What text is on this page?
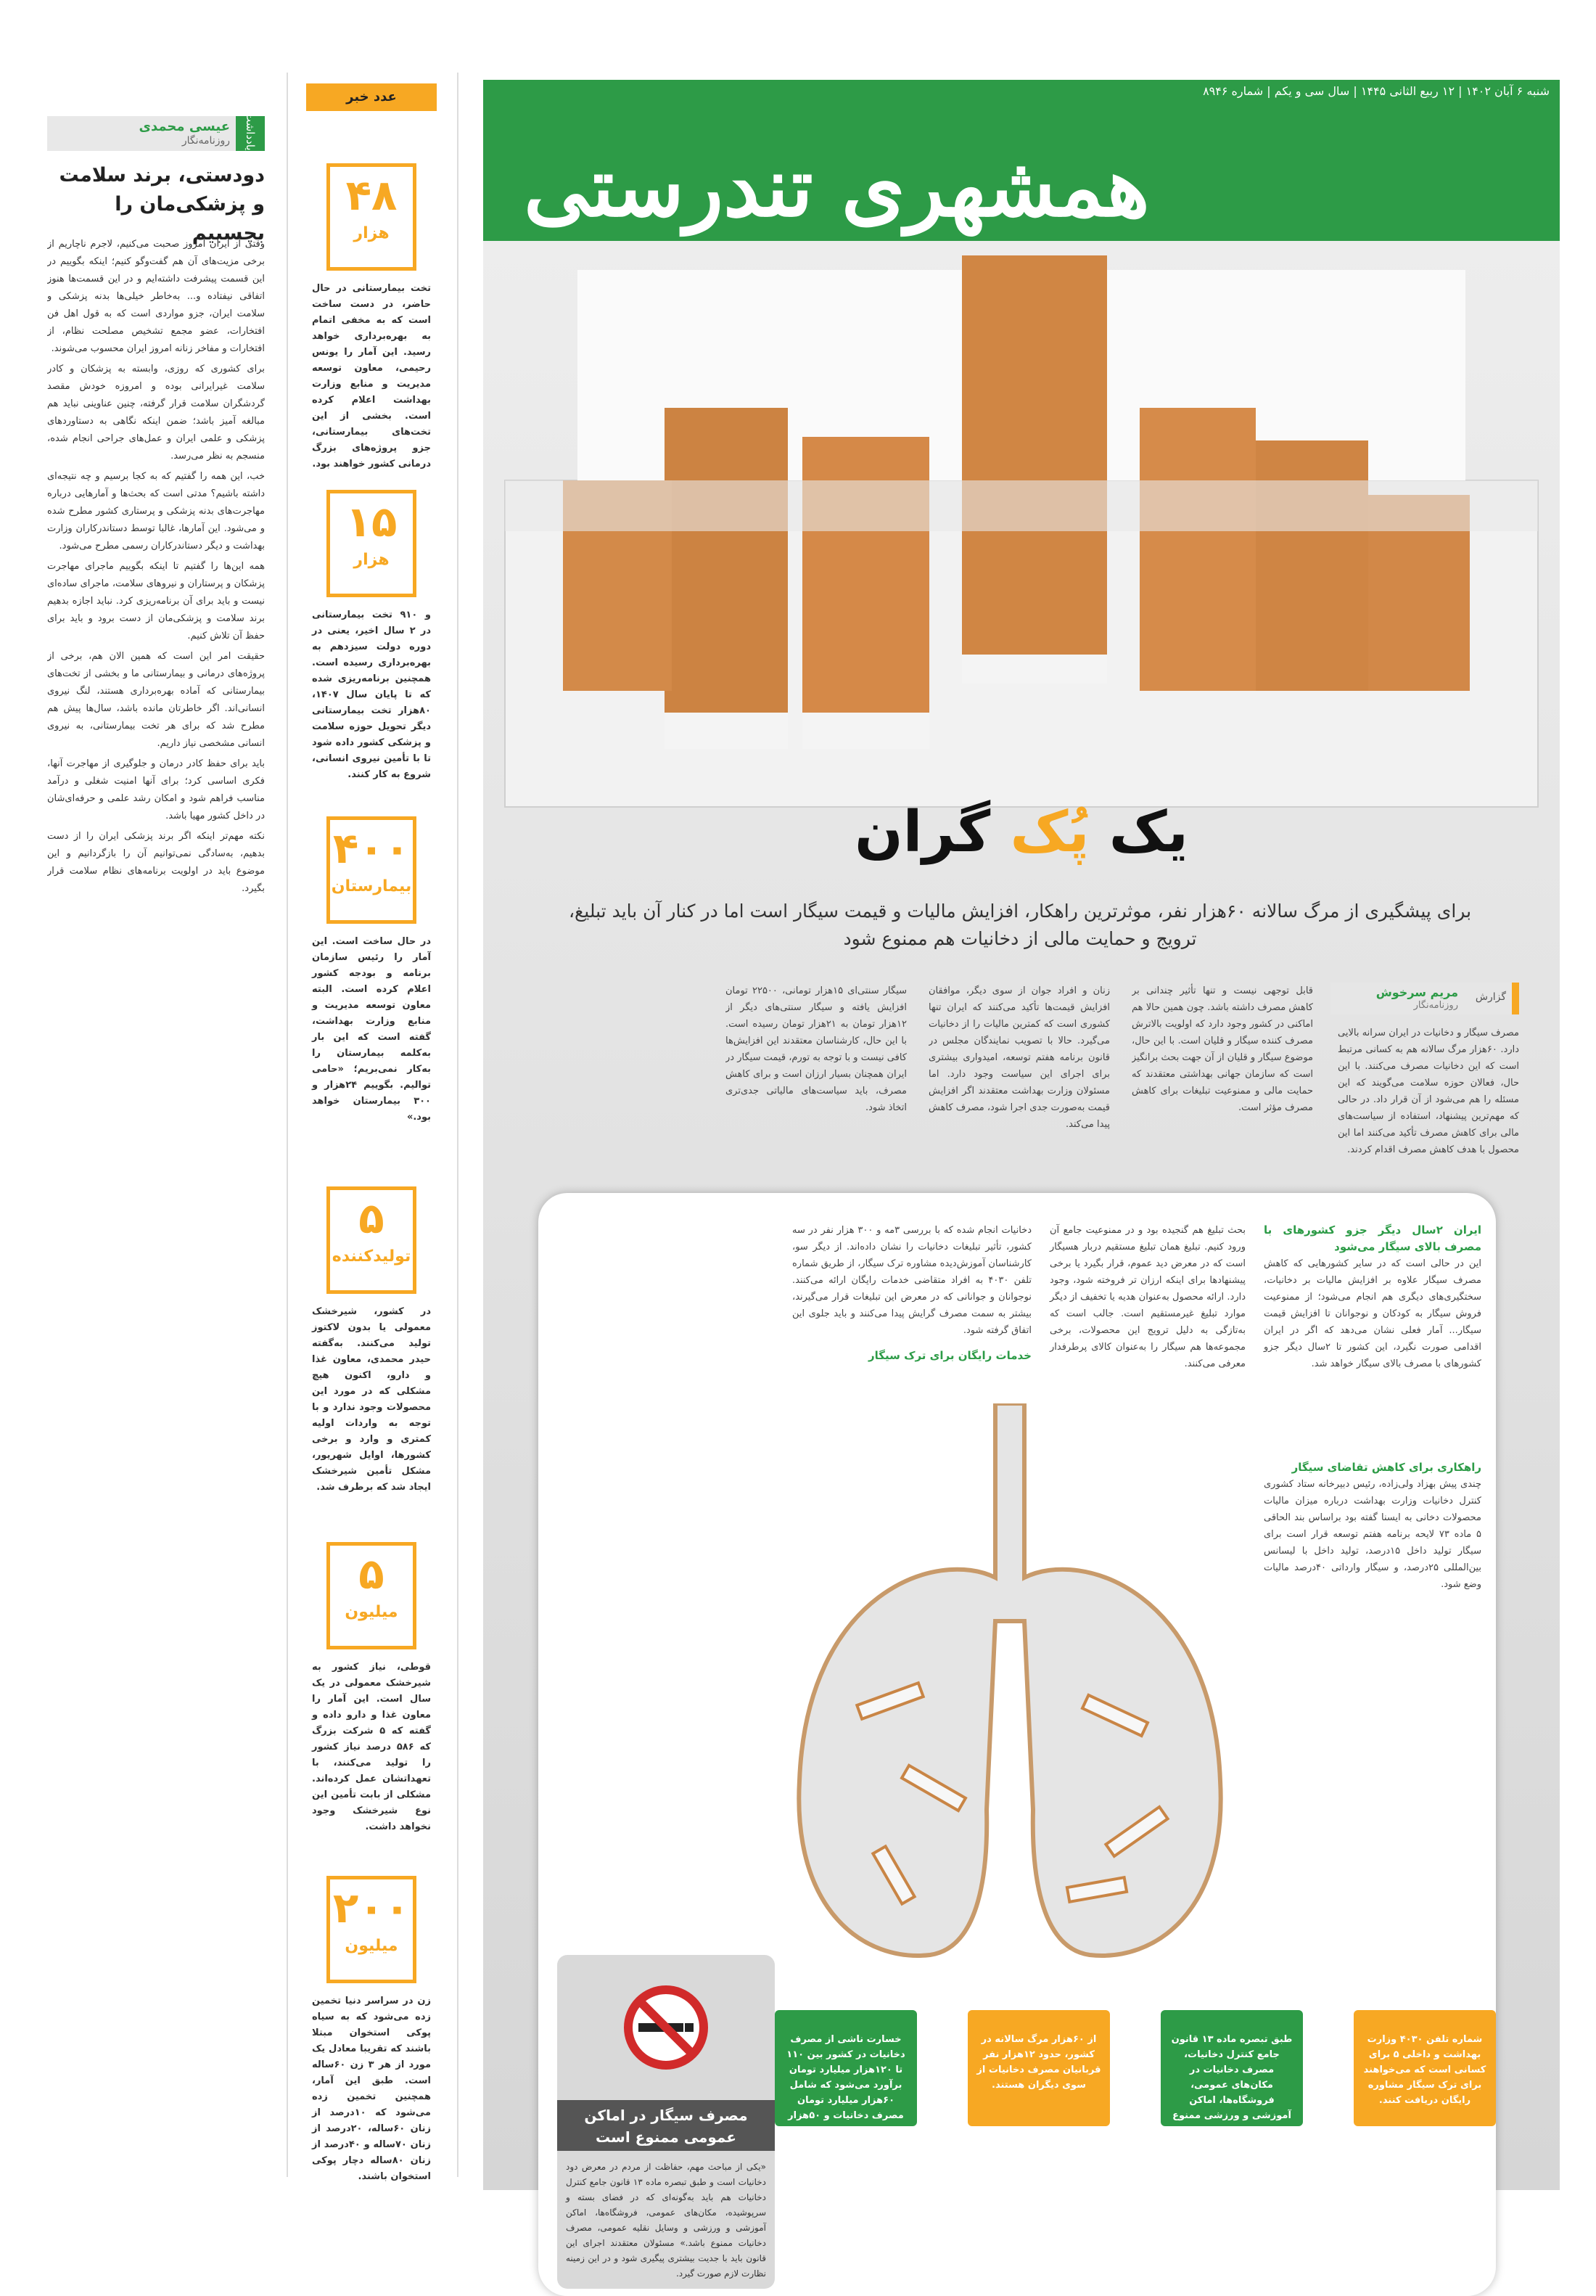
یادداشت
عیسی محمدی
روزنامه‌نگار
دودستی، برند سلامت و پزشکی‌مان را بچسبیم

وقتی از ایران امروز صحبت می‌کنیم، لاجرم ناچاریم از برخی مزیت‌های آن هم گفت‌وگو کنیم؛ اینکه بگوییم در این قسمت پیشرفت داشته‌ایم و در این قسمت‌ها هنوز اتفاقی نیفتاده و... به‌خاطر خیلی‌ها بدنه پزشکی و سلامت ایران، جزو مواردی است که به قول اهل فن افتخارات، عضو مجمع تشخیص مصلحت نظام، از افتخارات و مفاخر زنانه امروز ایران محسوب می‌شوند.

برای کشوری که روزی، وابسته به پزشکان و کادر سلامت غیرایرانی بوده و امروزه خودش مقصد گردشگران سلامت قرار گرفته، چنین عناوینی نباید هم مبالغه آمیز باشد؛ ضمن اینکه نگاهی به دستاوردهای پزشکی و علمی ایران و عمل‌های جراحی انجام شده، منسجم به‌ نظر می‌رسد.

خب، این همه را گفتیم که به کجا برسیم و چه نتیجه‌ای داشته باشیم؟ مدتی است که بحث‌ها و آمارهایی درباره مهاجرت‌های بدنه پزشکی و پرستاری کشور مطرح شده و می‌شود. این آمارها، غالبا توسط دستاندرکاران وزارت بهداشت و دیگر دستاندرکاران رسمی مطرح می‌شود.

همه این‌ها را گفتیم تا اینکه بگوییم ماجرای مهاجرت پزشکان و پرستاران و نیروهای سلامت، ماجرای ساده‌ای نیست و باید برای آن برنامه‌ریزی کرد. نباید اجازه بدهیم برند سلامت و پزشکی‌مان از دست برود و باید برای حفظ آن تلاش کنیم.

حقیقت امر این است که همین الان هم، برخی از پروژه‌های درمانی و بیمارستانی ما و بخشی از تخت‌های بیمارستانی که آماده بهره‌برداری هستند، لنگ نیروی انسانی‌اند. اگر خاطرتان مانده باشد، سال‌ها پیش هم مطرح شد که برای هر تخت بیمارستانی، به نیروی انسانی مشخصی نیاز داریم.

باید برای حفظ کادر درمان و جلوگیری از مهاجرت آنها، فکری اساسی کرد؛ برای آنها امنیت شغلی و درآمد مناسب فراهم شود و امکان رشد علمی و حرفه‌ای‌شان در داخل کشور مهیا باشد.

نکته مهم‌تر اینکه اگر برند پزشکی ایران را از دست بدهیم، به‌سادگی نمی‌توانیم آن را بازگردانیم و این موضوع باید در اولویت برنامه‌های نظام سلامت قرار بگیرد.

عدد خبر
۴۸
هزار
تخت بیمارستانی در حال حاضر، در دست ساخت است که به مخفی اتمام به بهره‌برداری خواهد رسید. این آمار را یونس رحیمی، معاون توسعه مدیریت و منابع وزارت بهداشت اعلام کرده است. بخشی از این تخت‌های بیمارستانی، جزو پروژه‌های بزرگ درمانی کشور خواهند بود.
۱۵
هزار
و ۹۱۰ تخت بیمارستانی در ۲ سال اخیر، یعنی در دوره دولت سیزدهم به بهره‌برداری رسیده است. همچنین برنامه‌ریزی شده که تا پایان سال ۱۴۰۷، ۸۰هزار تخت بیمارستانی دیگر تحویل حوزه سلامت و پزشکی کشور داده شود تا با تأمین نیروی انسانی، شروع به کار کنند.
۴۰۰
بیمارستان
در حال ساخت است. این آمار را رئیس سازمان برنامه و بودجه کشور اعلام کرده است. البته معاون توسعه مدیریت و منابع وزارت بهداشت، گفته است که این بار به‌کلمه بیمارستان را به‌کار نمی‌بریم؛ «حامی توالیم. بگوییم ۲۴هزار و ۳۰۰ بیمارستان خواهد بود.»
۵
تولیدکننده
در کشور، شیرخشک معمولی یا بدون لاکتوز تولید می‌کنند. به‌گفته حیدر محمدی، معاون غذا و دارو، اکنون هیچ مشکلی که در مورد این محصولات وجود ندارد و با توجه به واردات اولیه کمتری و وارد و برخی کشورها، اوایل شهریور، مشکل تأمین شیرخشک ایجاد شد که برطرف شد.
۵
میلیون
قوطی، نیاز کشور به شیرخشک معمولی در یک سال است. این آمار را معاون غذا و دارو داده و گفته که ۵ شرکت بزرگ که ۵۸۶ درصد نیاز کشور را تولید می‌کنند، با تعهداتشان عمل کرده‌اند. مشکلی از بابت تأمین این نوع شیرخشک وجود نخواهد داشت.
۲۰۰
میلیون
زن در سراسر دنیا تخمین زده می‌شود که به سیاه‌ پوکی استخوان مبتلا باشند که تقریبا معادل یک مورد از هر ۳ زن ۶۰ساله است. طبق این آمار، همچنین تخمین زده می‌شود که ۱۰درصد از زنان ۶۰ساله، ۲۰درصد از زنان ۷۰ساله و ۴۰درصد از زنان ۸۰ساله دچار پوکی استخوان باشند.
شنبه ۶ آبان ۱۴۰۲ | ۱۲ ربیع الثانی ۱۴۴۵ | سال سی و یکم | شماره ۸۹۴۶
همشهری تندرستی
یک پُک گران
برای پیشگیری از مرگ سالانه ۶۰هزار نفر، موثرترین راهکار، افزایش مالیات و قیمت سیگار است اما در کنار آن باید تبلیغ، ترویج و حمایت مالی از دخانیات هم ممنوع شود
گزارش
مریم سرخوش
روزنامه‌نگار
مصرف سیگار و دخانیات در ایران سرانه بالایی دارد. ۶۰هزار مرگ سالانه هم به کسانی مرتبط است که این دخانیات مصرف می‌کنند. با این حال، فعالان حوزه سلامت می‌گویند که این مسئله را هم می‌شود از آن قرار داد. در حالی که مهم‌ترین پیشنهاد، استفاده از سیاست‌های مالی برای کاهش مصرف تأکید می‌کنند اما این محصول با هدف کاهش مصرف اقدام کردند.
قابل توجهی نیست و تنها تأثیر چندانی بر کاهش مصرف داشته باشد. چون همین حالا هم اماکنی در کشور وجود دارد که اولویت بالاترش مصرف کننده سیگار و قلیان است. با این حال، موضوع سیگار و قلیان از آن جهت بحث برانگیز است که سازمان جهانی بهداشتی معتقدند که حمایت مالی و ممنوعیت تبلیغات برای کاهش مصرف مؤثر است.
زنان و افراد جوان از سوی دیگر، موافقان افزایش قیمت‌ها تأکید می‌کنند که ایران تنها کشوری است که کمترین مالیات را از دخانیات می‌گیرد. حالا با تصویب نمایندگان مجلس در قانون برنامه هفتم توسعه، امیدواری بیشتری برای اجرای این سیاست وجود دارد. اما مسئولان وزارت بهداشت معتقدند اگر افزایش قیمت به‌صورت جدی اجرا شود، مصرف کاهش پیدا می‌کند.
سیگار سنتی‌ای ۱۵هزار تومانی، ۲۲۵۰۰ تومان افزایش یافته و سیگار سنتی‌های دیگر از ۱۲هزار تومان به ۲۱هزار تومان رسیده است. با این حال، کارشناسان معتقدند این افزایش‌ها کافی نیست و با توجه به تورم، قیمت سیگار در ایران همچنان بسیار ارزان است و برای کاهش مصرف، باید سیاست‌های مالیاتی جدی‌تری اتخاذ شود.
ایران ۲سال دیگر جزو کشورهای با مصرف بالای سیگار می‌شود
این در حالی است که در سایر کشورهایی که کاهش مصرف سیگار علاوه بر افزایش مالیات بر دخانیات، سختگیری‌های دیگری هم انجام می‌شود؛ از ممنوعیت فروش سیگار به کودکان و نوجوانان تا افزایش قیمت سیگار... آمار فعلی نشان می‌دهد که اگر در ایران اقدامی صورت نگیرد، این کشور تا ۲سال دیگر جزو کشورهای با مصرف بالای سیگار خواهد شد.
راهکاری برای کاهش تقاضای سیگار
چندی پیش بهزاد ولی‌زاده، رئیس دبیرخانه ستاد کشوری کنترل دخانیات وزارت بهداشت درباره میزان مالیات محصولات دخانی به ایسنا گفته بود براساس بند الحاقی ۵ ماده ۷۳ لایحه برنامه هفتم توسعه قرار است برای سیگار تولید داخل ۱۵درصد، تولید داخل با لیسانس بین‌المللی ۲۵درصد، و سیگار وارداتی ۴۰درصد مالیات وضع شود.
بحث تبلیغ هم گنجیده بود و در ممنوعیت جامع آن ورود کنیم. تبلیغ همان تبلیغ مستقیم دربار هسیگار است که در معرض دید عموم، قرار بگیرد یا برخی پیشنهادها برای اینکه ارزان تر فروخته شود، وجود دارد. ارائه محصول به‌عنوان هدیه یا تخفیف از دیگر موارد تبلیغ غیرمستقیم است. جالب است که به‌تازگی به دلیل ترویج این محصولات، برخی مجموعه‌ها هم سیگار را به‌عنوان کالای پرطرفدار معرفی می‌کنند.
دخانیات انجام شده که با بررسی ۳مه و ۳۰۰ هزار نفر در سه کشور، تأثیر تبلیغات دخانیات را نشان داده‌اند. از دیگر سو، کارشناسان آموزش‌دیده مشاوره ترک سیگار، از طریق شماره تلفن ۴۰۳۰ به افراد متقاضی خدمات رایگان ارائه می‌کنند. نوجوانان و جوانانی که در معرض این تبلیغات قرار می‌گیرند، بیشتر به سمت مصرف گرایش پیدا می‌کنند و باید جلوی این اتفاق گرفته شود.
خدمات رایگان برای ترک سیگار
مصرف سیگار در اماکن عمومی ممنوع است
«یکی از مباحث مهم، حفاظت از مردم در معرض دود دخانیات است و طبق تبصره ماده ۱۳ قانون جامع کنترل دخانیات هم باید به‌گونه‌ای که در فضای بسته و سرپوشیده، مکان‌های عمومی، فروشگاه‌ها، اماکن آموزشی و ورزشی و وسایل نقلیه عمومی، مصرف دخانیات ممنوع باشد.» مسئولان معتقدند اجرای این قانون باید با جدیت بیشتری پیگیری شود و در این زمینه نظارت لازم صورت گیرد.
شماره تلفن ۴۰۳۰ وزارت بهداشت و داخلی ۵ برای کسانی است که می‌خواهند برای ترک سیگار مشاوره رایگان دریافت کنند.
طبق تبصره ماده ۱۳ قانون جامع کنترل دخانیات، مصرف دخانیات در مکان‌های عمومی، فروشگاه‌ها، اماکن آموزشی و ورزشی ممنوع است و مردم می‌توانند این تخلف را از طریق شماره ۱۹۰ گزارش کنند.
از ۶۰هزار مرگ سالانه در کشور، حدود ۱۲هزار نفر قربانیان مصرف دخانیات از سوی دیگران هستند.
خسارت ناشی از مصرف دخانیات در کشور بین ۱۱۰ تا ۱۲۰هزار میلیارد تومان برآورد می‌شود که شامل ۶۰هزار میلیارد تومان مصرف دخانیات و ۵۰هزار میلیارد تومان زیان به بخش سلامت کشور است.
